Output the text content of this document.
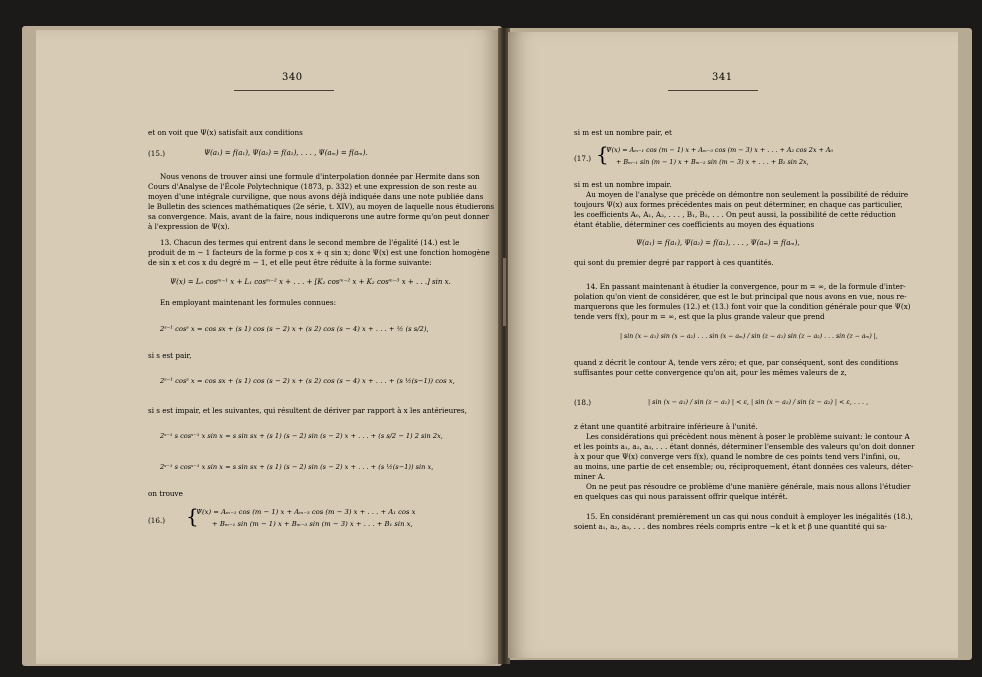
340
et on voit que Ψ(x) satisfait aux conditions
(15.)	Ψ(a₁) = f(a₁), Ψ(a₂) = f(a₂), . . . , Ψ(aₘ) = f(aₘ).
Nous venons de trouver ainsi une formule d'interpolation donnée par Hermite dans son
Cours d'Analyse de l'École Polytechnique (1873, p. 332) et une expression de son reste au
moyen d'une intégrale curviligne, que nous avons déjà indiquée dans une note publiée dans
le Bulletin des sciences mathématiques (2e série, t. XIV), au moyen de laquelle nous étudierons
sa convergence. Mais, avant de la faire, nous indiquerons une autre forme qu'on peut donner
à l'expression de Ψ(x).
13. Chacun des termes qui entrent dans le second membre de l'égalité (14.) est le
produit de m − 1 facteurs de la forme p cos x + q sin x; donc Ψ(x) est une fonction homogène
de sin x et cos x du degré m − 1, et elle peut être réduite à la forme suivante:
Ψ(x) = L₀ cosᵐ⁻¹ x + L₁ cosᵐ⁻² x + . . . + [K₁ cosᵐ⁻² x + K₂ cosᵐ⁻³ x + . . .] sin x.
En employant maintenant les formules connues:
2ˢ⁻¹ cosˢ x = cos sx + (s 1) cos (s − 2) x + (s 2) cos (s − 4) x + . . . + ½ (s s/2),
si s est pair,
2ˢ⁻¹ cosˢ x = cos sx + (s 1) cos (s − 2) x + (s 2) cos (s − 4) x + . . . + (s ½(s−1)) cos x,
si s est impair, et les suivantes, qui résultent de dériver par rapport à x les antérieures,
2ˢ⁻¹ s cosˢ⁻¹ x sin x = s sin sx + (s 1) (s − 2) sin (s − 2) x + . . . + (s s/2 − 1) 2 sin 2x,
2ˢ⁻¹ s cosˢ⁻¹ x sin x = s sin sx + (s 1) (s − 2) sin (s − 2) x + . . . + (s ½(s−1)) sin x,
on trouve
(16.) {
Ψ(x) = Aₘ₋₁ cos (m − 1) x + Aₘ₋₃ cos (m − 3) x + . . . + A₁ cos x
+ Bₘ₋₁ sin (m − 1) x + Bₘ₋₃ sin (m − 3) x + . . . + B₁ sin x,
341
si m est un nombre pair, et
(17.) {
Ψ(x) = Aₘ₋₁ cos (m − 1) x + Aₘ₋₃ cos (m − 3) x + . . . + A₂ cos 2x + A₀
+ Bₘ₋₁ sin (m − 1) x + Bₘ₋₂ sin (m − 3) x + . . . + B₂ sin 2x,
si m est un nombre impair.
Au moyen de l'analyse que précède on démontre non seulement la possibilité de réduire
toujours Ψ(x) aux formes précédentes mais on peut déterminer, en chaque cas particulier,
les coefficients A₀, A₁, A₂, . . . , B₁, B₂, . . . On peut aussi, la possibilité de cette réduction
étant établie, déterminer ces coefficients au moyen des équations
Ψ(a₁) = f(a₁), Ψ(a₂) = f(a₂), . . . , Ψ(aₘ) = f(aₘ),
qui sont du premier degré par rapport à ces quantités.
14. En passant maintenant à étudier la convergence, pour m = ∞, de la formule d'inter-
polation qu'on vient de considérer, que est le but principal que nous avons en vue, nous re-
marquerons que les formules (12.) et (13.) font voir que la condition générale pour que Ψ(x)
tende vers f(x), pour m = ∞, est que la plus grande valeur que prend
| sin (x − a₁) sin (x − a₂) . . . sin (x − aₘ) / sin (z − a₁) sin (z − a₂) . . . sin (z − aₘ) |,
quand z décrit le contour A, tende vers zéro; et que, par conséquent, sont des conditions
suffisantes pour cette convergence qu'on ait, pour les mêmes valeurs de z,
(18.)	| sin (x − a₁) / sin (z − a₁) | < ε, | sin (x − a₂) / sin (z − a₂) | < ε, . . . ,
z étant une quantité arbitraire inférieure à l'unité.
Les considérations qui précèdent nous mènent à poser le problème suivant: le contour A
et les points a₁, a₂, a₃, . . . étant donnés, déterminer l'ensemble des valeurs qu'on doit donner
à x pour que Ψ(x) converge vers f(x), quand le nombre de ces points tend vers l'infini, ou,
au moins, une partie de cet ensemble; ou, réciproquement, étant données ces valeurs, déter-
miner A.
On ne peut pas résoudre ce problème d'une manière générale, mais nous allons l'étudier
en quelques cas qui nous paraissent offrir quelque intérêt.
15. En considérant premièrement un cas qui nous conduit à employer les inégalités (18.),
soient a₁, a₂, a₃, . . . des nombres réels compris entre −k et k et β une quantité qui sa-
